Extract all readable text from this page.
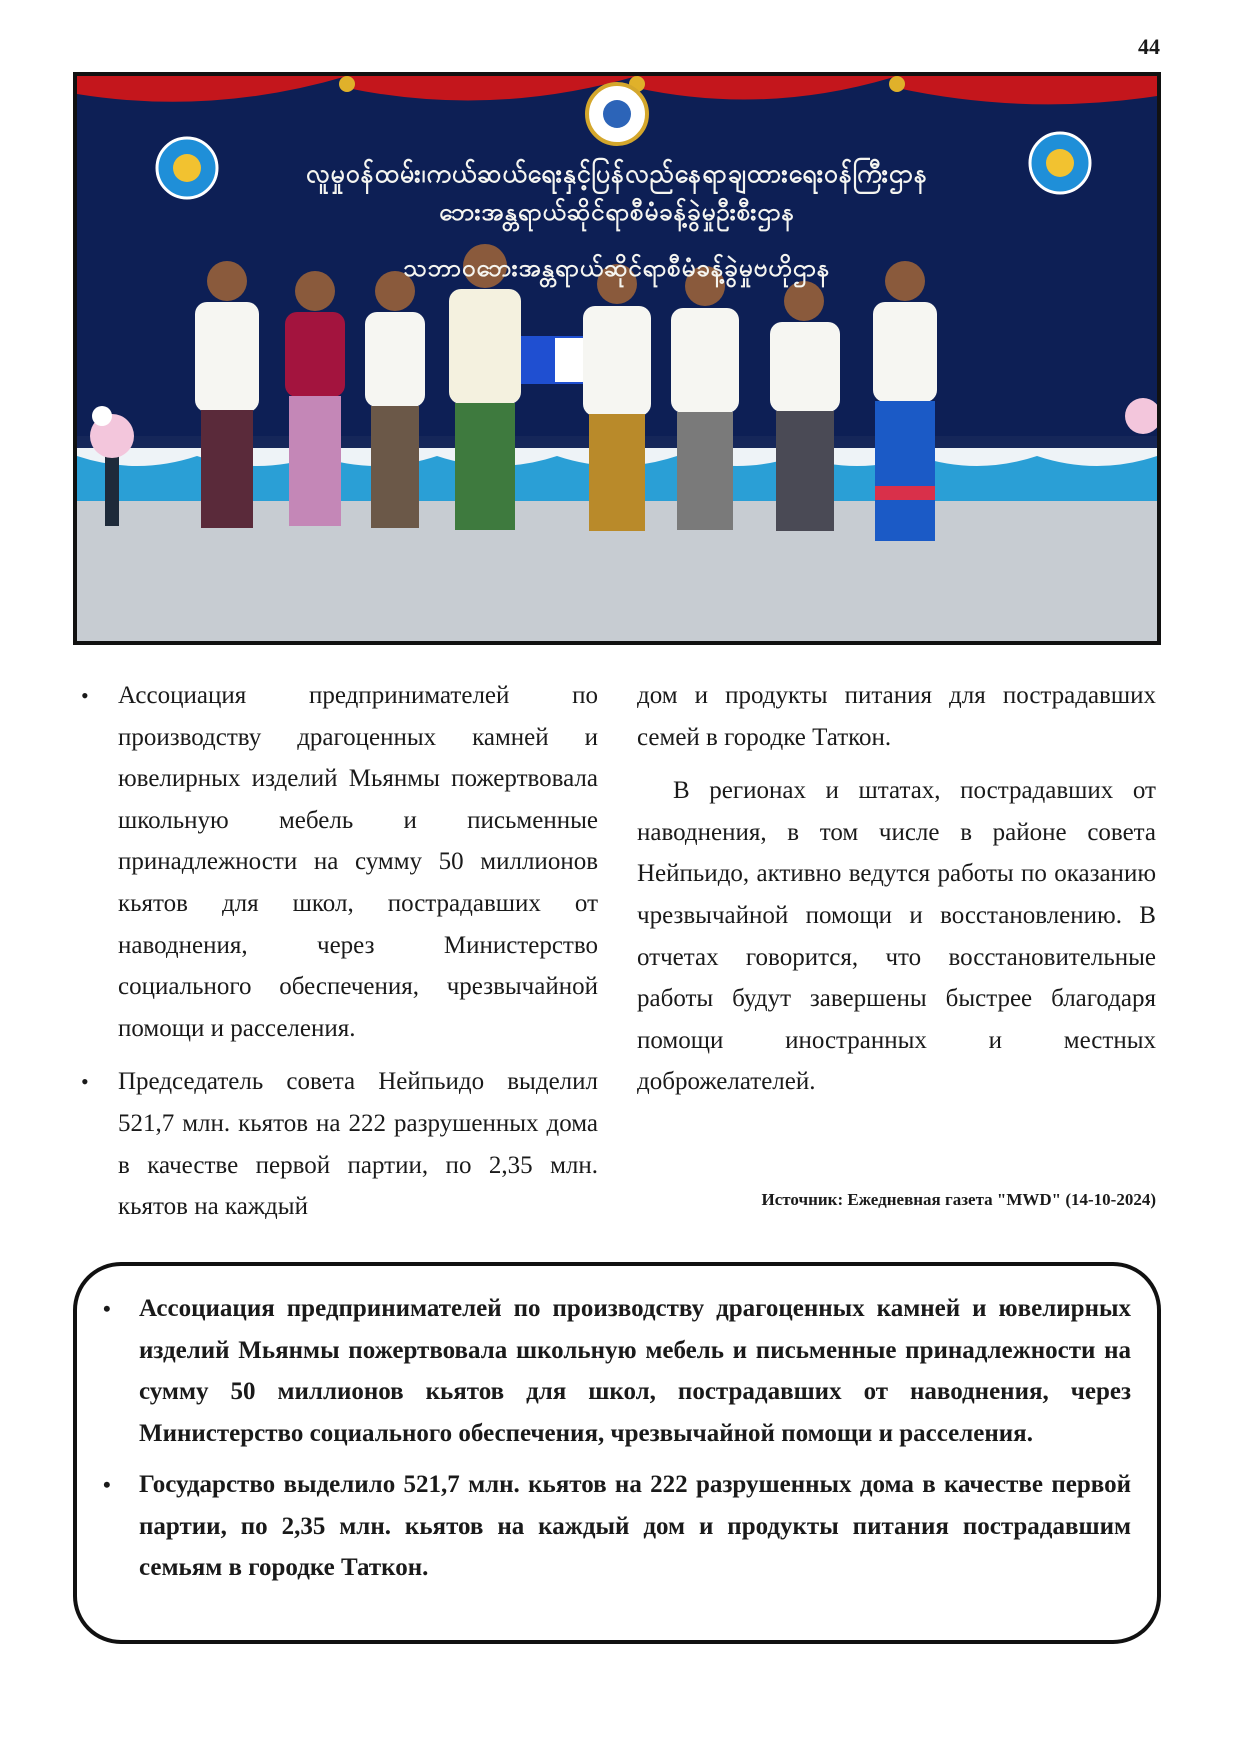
44
လူမှုဝန်ထမ်း၊ကယ်ဆယ်ရေးနှင့်ပြန်လည်နေရာချထားရေးဝန်ကြီးဌာန
ဘေးအန္တရာယ်ဆိုင်ရာစီမံခန့်ခွဲမှုဦးစီးဌာန
သဘာဝဘေးအန္တရာယ်ဆိုင်ရာစီမံခန့်ခွဲမှုဗဟိုဌာန

• Ассоциация предпринимателей по производству драгоценных камней и ювелирных изделий Мьянмы пожертвовала школьную мебель и письменные принадлежности на сумму 50 миллионов кьятов для школ, пострадавших от наводнения, через Министерство социального обеспечения, чрезвычайной помощи и расселения.

• Председатель совета Нейпьидо выделил 521,7 млн. кьятов на 222 разрушенных дома в качестве первой партии, по 2,35 млн. кьятов на каждый

дом и продукты питания для пострадавших семей в городке Таткон.

В регионах и штатах, пострадавших от наводнения, в том числе в районе совета Нейпьидо, активно ведутся работы по оказанию чрезвычайной помощи и восстановлению. В отчетах говорится, что восстановительные работы будут завершены быстрее благодаря помощи иностранных и местных доброжелателей.

Источник: Ежедневная газета "MWD" (14-10-2024)

• Ассоциация предпринимателей по производству драгоценных камней и ювелирных изделий Мьянмы пожертвовала школьную мебель и письменные принадлежности на сумму 50 миллионов кьятов для школ, пострадавших от наводнения, через Министерство социального обеспечения, чрезвычайной помощи и расселения.

• Государство выделило 521,7 млн. кьятов на 222 разрушенных дома в качестве первой партии, по 2,35 млн. кьятов на каждый дом и продукты питания пострадавшим семьям в городке Таткон.
